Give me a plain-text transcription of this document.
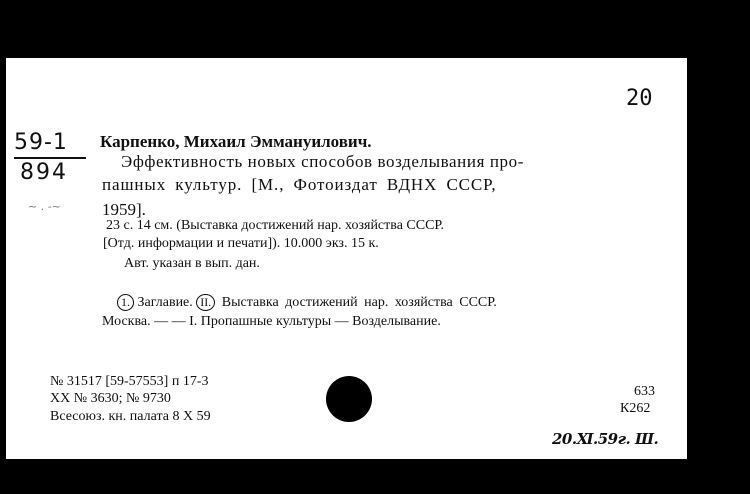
20
59-1
894
~ . -~
Карпенко, Михаил Эммануилович.
Эффективность новых способов возделывания про-
пашных культур. [М., Фотоиздат ВДНХ СССР,
1959].
23 с. 14 см. (Выставка достижений нар. хозяйства СССР.
[Отд. информации и печати]). 10.000 экз. 15 к.
Авт. указан в вып. дан.
1. Заглавие. II. Выставка достижений нар. хозяйства СССР.
Москва. — — I. Пропашные культуры — Возделывание.
№ 31517 [59-57553] п 17-3
XX № 3630; № 9730
Всесоюз. кн. палата 8 X 59
633
К262
20.Ⅺ.59г. Ш.
